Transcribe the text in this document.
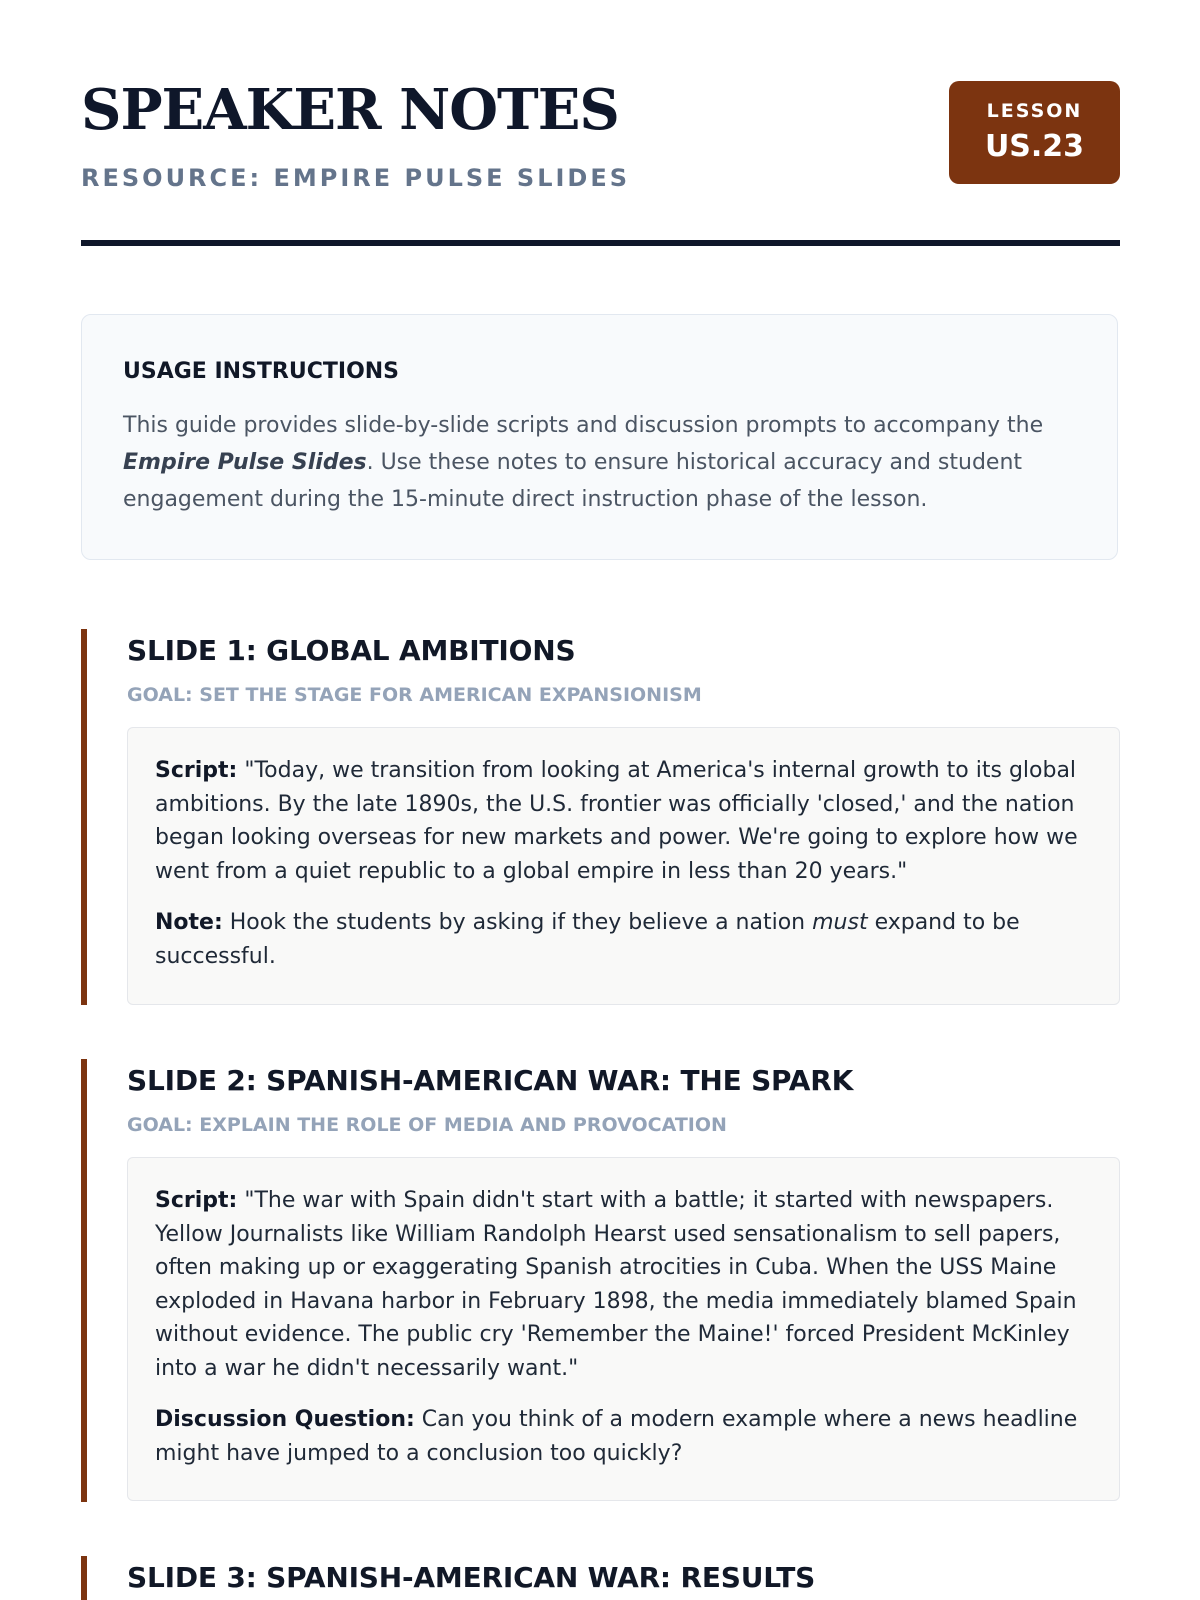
SPEAKER NOTES
RESOURCE: EMPIRE PULSE SLIDES
LESSON
US.23
USAGE INSTRUCTIONS

This guide provides slide-by-slide scripts and discussion prompts to accompany the Empire Pulse Slides. Use these notes to ensure historical accuracy and student engagement during the 15-minute direct instruction phase of the lesson.

SLIDE 1: GLOBAL AMBITIONS
GOAL: SET THE STAGE FOR AMERICAN EXPANSIONISM

Script: "Today, we transition from looking at America's internal growth to its global ambitions. By the late 1890s, the U.S. frontier was officially 'closed,' and the nation began looking overseas for new markets and power. We're going to explore how we went from a quiet republic to a global empire in less than 20 years."

Note: Hook the students by asking if they believe a nation must expand to be successful.

SLIDE 2: SPANISH-AMERICAN WAR: THE SPARK
GOAL: EXPLAIN THE ROLE OF MEDIA AND PROVOCATION

Script: "The war with Spain didn't start with a battle; it started with newspapers. Yellow Journalists like William Randolph Hearst used sensationalism to sell papers, often making up or exaggerating Spanish atrocities in Cuba. When the USS Maine exploded in Havana harbor in February 1898, the media immediately blamed Spain without evidence. The public cry 'Remember the Maine!' forced President McKinley into a war he didn't necessarily want."

Discussion Question: Can you think of a modern example where a news headline might have jumped to a conclusion too quickly?

SLIDE 3: SPANISH-AMERICAN WAR: RESULTS
